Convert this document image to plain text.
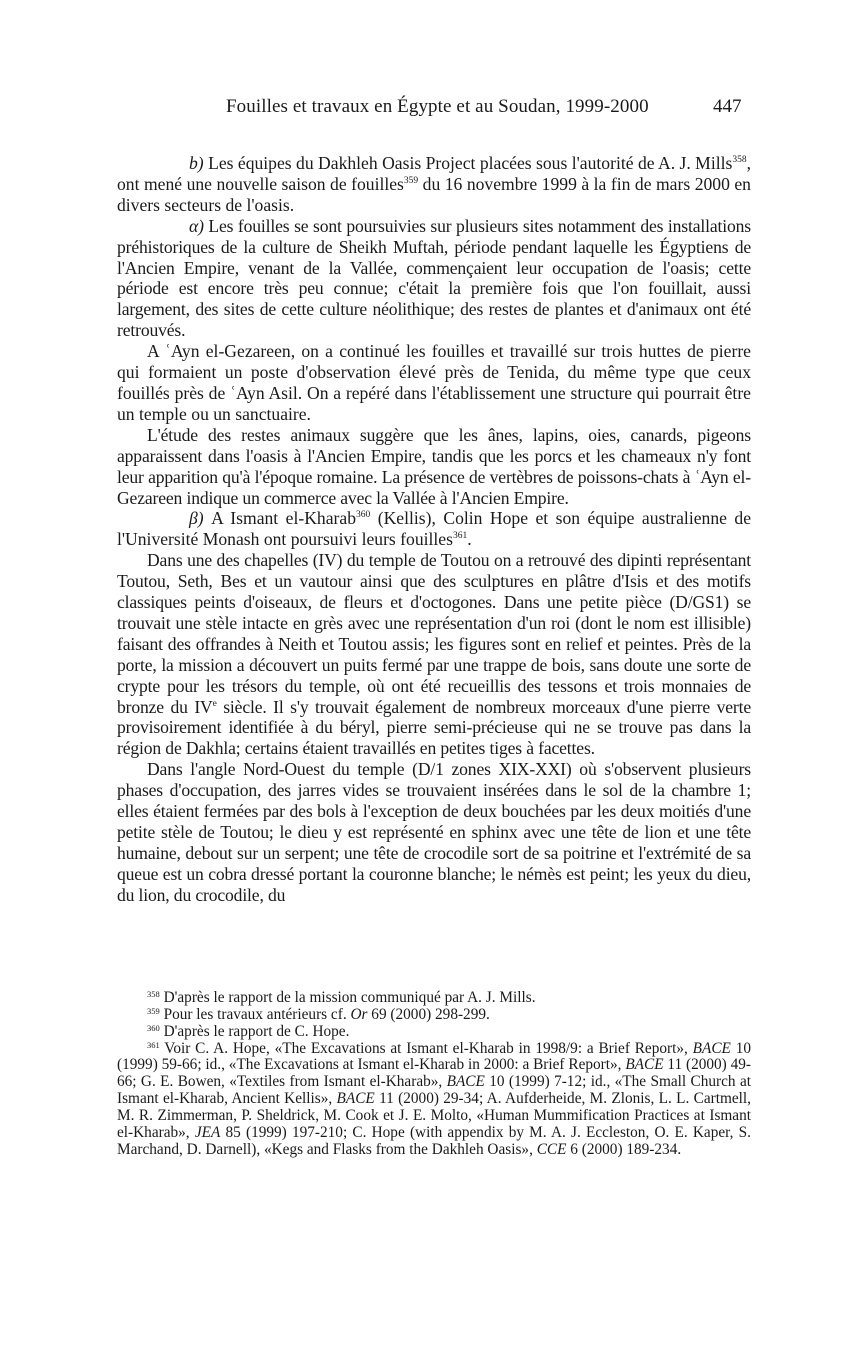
Fouilles et travaux en Égypte et au Soudan, 1999-2000	447

b) Les équipes du Dakhleh Oasis Project placées sous l'autorité de A. J. Mills$^{358}$, ont mené une nouvelle saison de fouilles$^{359}$ du 16 novembre 1999 à la fin de mars 2000 en divers secteurs de l'oasis.

α) Les fouilles se sont poursuivies sur plusieurs sites notamment des installations préhistoriques de la culture de Sheikh Muftah, période pendant laquelle les Égyptiens de l'Ancien Empire, venant de la Vallée, commençaient leur occupation de l'oasis; cette période est encore très peu connue; c'était la première fois que l'on fouillait, aussi largement, des sites de cette culture néolithique; des restes de plantes et d'animaux ont été retrouvés.

A ʿAyn el-Gezareen, on a continué les fouilles et travaillé sur trois huttes de pierre qui formaient un poste d'observation élevé près de Tenida, du même type que ceux fouillés près de ʿAyn Asil. On a repéré dans l'établissement une structure qui pourrait être un temple ou un sanctuaire.

L'étude des restes animaux suggère que les ânes, lapins, oies, canards, pigeons apparaissent dans l'oasis à l'Ancien Empire, tandis que les porcs et les chameaux n'y font leur apparition qu'à l'époque romaine. La présence de vertèbres de poissons-chats à ʿAyn el-Gezareen indique un commerce avec la Vallée à l'Ancien Empire.

β) A Ismant el-Kharab$^{360}$ (Kellis), Colin Hope et son équipe australienne de l'Université Monash ont poursuivi leurs fouilles$^{361}$.

Dans une des chapelles (IV) du temple de Toutou on a retrouvé des dipinti représentant Toutou, Seth, Bes et un vautour ainsi que des sculptures en plâtre d'Isis et des motifs classiques peints d'oiseaux, de fleurs et d'octogones. Dans une petite pièce (D/GS1) se trouvait une stèle intacte en grès avec une représentation d'un roi (dont le nom est illisible) faisant des offrandes à Neith et Toutou assis; les figures sont en relief et peintes. Près de la porte, la mission a découvert un puits fermé par une trappe de bois, sans doute une sorte de crypte pour les trésors du temple, où ont été recueillis des tessons et trois monnaies de bronze du IVe siècle. Il s'y trouvait également de nombreux morceaux d'une pierre verte provisoirement identifiée à du béryl, pierre semi-précieuse qui ne se trouve pas dans la région de Dakhla; certains étaient travaillés en petites tiges à facettes.

Dans l'angle Nord-Ouest du temple (D/1 zones XIX-XXI) où s'observent plusieurs phases d'occupation, des jarres vides se trouvaient insérées dans le sol de la chambre 1; elles étaient fermées par des bols à l'exception de deux bouchées par les deux moitiés d'une petite stèle de Toutou; le dieu y est représenté en sphinx avec une tête de lion et une tête humaine, debout sur un serpent; une tête de crocodile sort de sa poitrine et l'extrémité de sa queue est un cobra dressé portant la couronne blanche; le némès est peint; les yeux du dieu, du lion, du crocodile, du

$^{358}$ D'après le rapport de la mission communiqué par A. J. Mills.

$^{359}$ Pour les travaux antérieurs cf. Or 69 (2000) 298-299.

$^{360}$ D'après le rapport de C. Hope.

$^{361}$ Voir C. A. Hope, «The Excavations at Ismant el-Kharab in 1998/9: a Brief Report», BACE 10 (1999) 59-66; id., «The Excavations at Ismant el-Kharab in 2000: a Brief Report», BACE 11 (2000) 49-66; G. E. Bowen, «Textiles from Ismant el-Kharab», BACE 10 (1999) 7-12; id., «The Small Church at Ismant el-Kharab, Ancient Kellis», BACE 11 (2000) 29-34; A. Aufderheide, M. Zlonis, L. L. Cartmell, M. R. Zimmerman, P. Sheldrick, M. Cook et J. E. Molto, «Human Mummification Practices at Ismant el-Kharab», JEA 85 (1999) 197-210; C. Hope (with appendix by M. A. J. Eccleston, O. E. Kaper, S. Marchand, D. Darnell), «Kegs and Flasks from the Dakhleh Oasis», CCE 6 (2000) 189-234.
